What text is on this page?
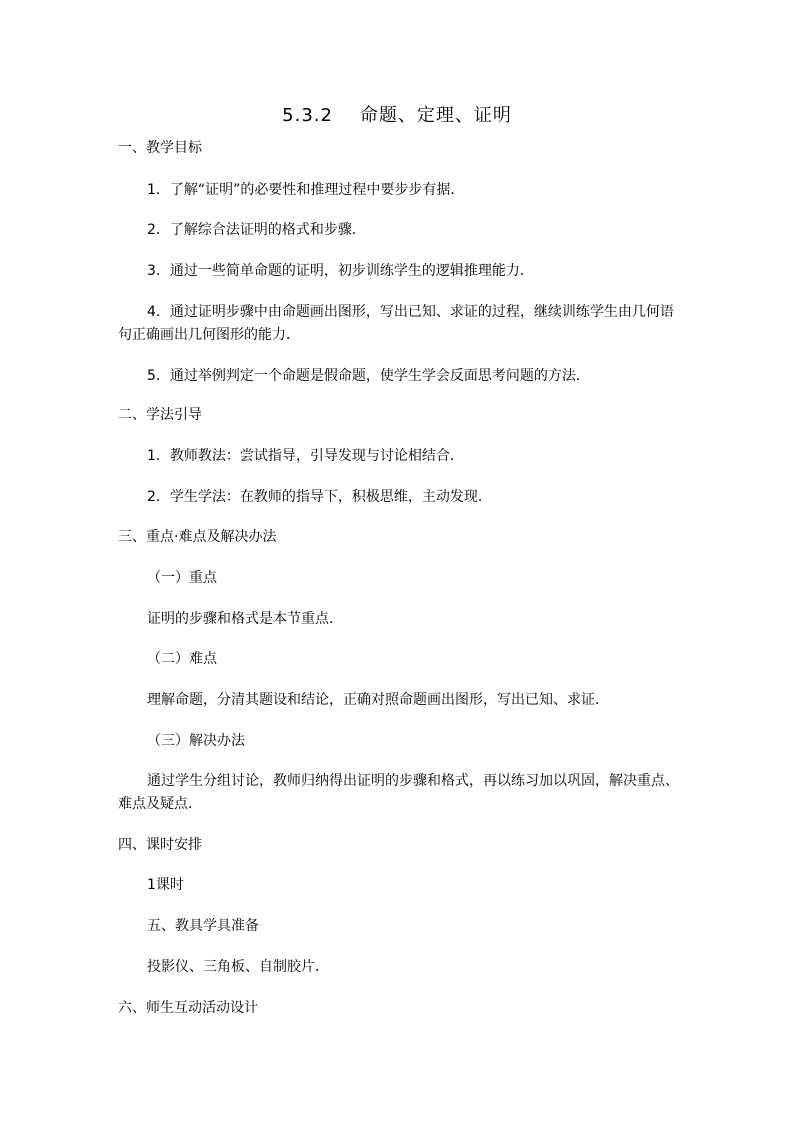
5.3.2    命题、定理、证明
一、教学目标
1．了解“证明”的必要性和推理过程中要步步有据．
2．了解综合法证明的格式和步骤．
3．通过一些简单命题的证明，初步训练学生的逻辑推理能力．
4．通过证明步骤中由命题画出图形，写出已知、求证的过程，继续训练学生由几何语
句正确画出几何图形的能力．
5．通过举例判定一个命题是假命题，使学生学会反面思考问题的方法．
二、学法引导
1．教师教法：尝试指导，引导发现与讨论相结合．
2．学生学法：在教师的指导下，积极思维，主动发现．
三、重点·难点及解决办法
（一）重点
证明的步骤和格式是本节重点．
（二）难点
理解命题，分清其题设和结论，正确对照命题画出图形，写出已知、求证．
（三）解决办法
通过学生分组讨论，教师归纳得出证明的步骤和格式，再以练习加以巩固，解决重点、
难点及疑点．
四、课时安排
1课时
五、教具学具准备
投影仪、三角板、自制胶片．
六、师生互动活动设计
